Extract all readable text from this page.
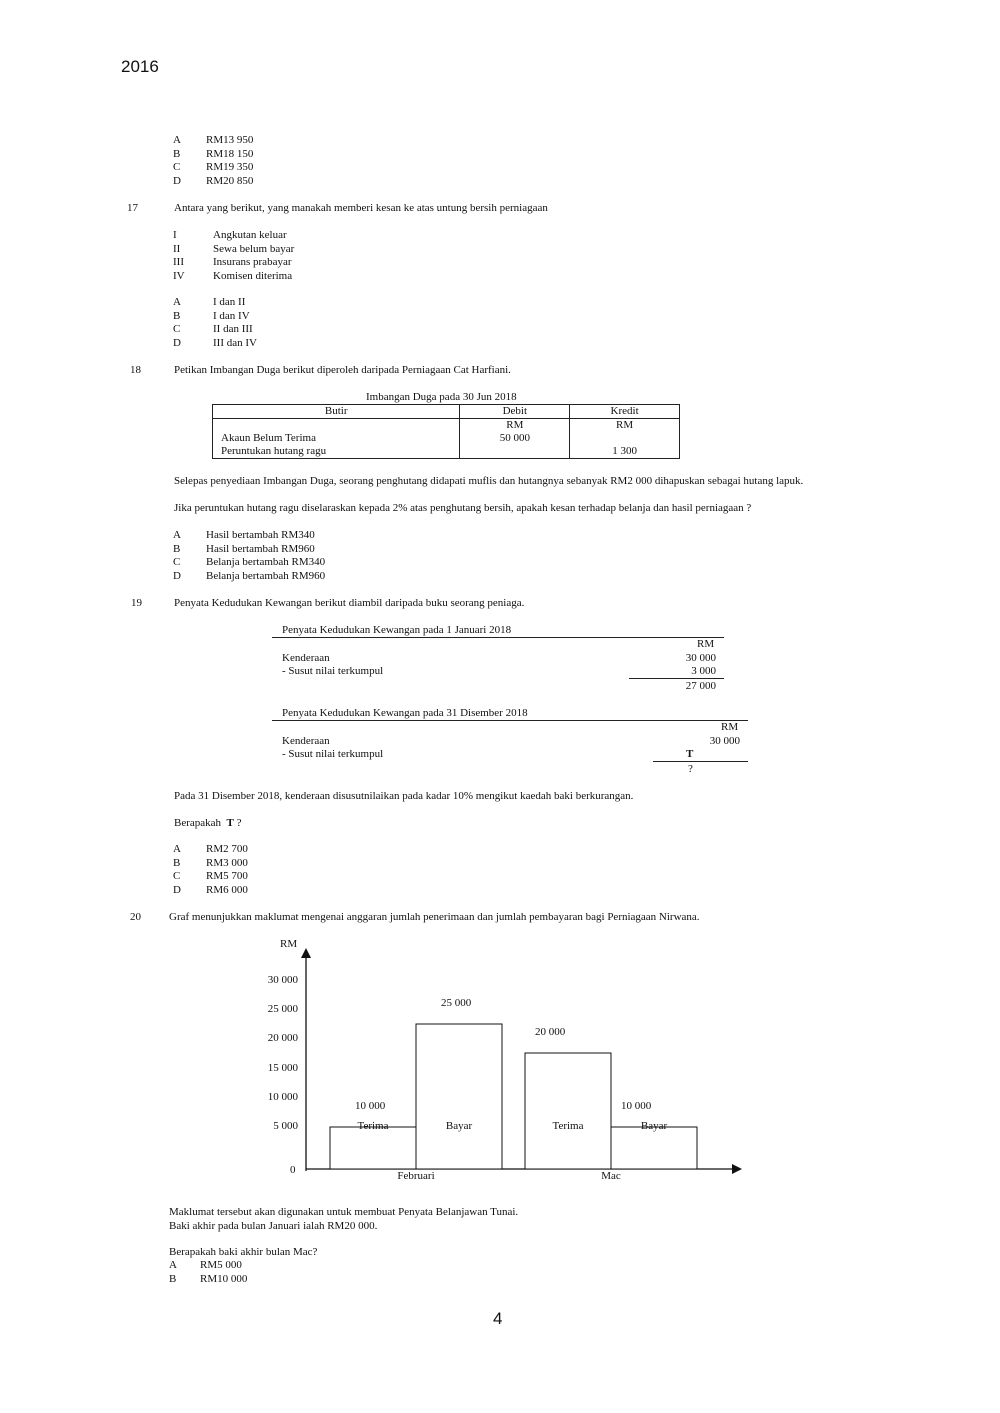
2016
A	RM13 950
B	RM18 150
C	RM19 350
D	RM20 850
17	Antara yang berikut, yang manakah memberi kesan ke atas untung bersih perniagaan
I	Angkutan keluar
II	Sewa belum bayar
III	Insurans prabayar
IV	Komisen diterima
A	I dan II
B	I dan IV
C	II dan III
D	III dan IV
18	Petikan Imbangan Duga berikut diperoleh daripada Perniagaan Cat Harfiani.
Imbangan Duga pada 30 Jun 2018
Butir	Debit	Kredit
	RM	RM
Akaun Belum Terima	50 000	
Peruntukan hutang ragu		1 300
Selepas penyediaan Imbangan Duga, seorang penghutang didapati muflis dan hutangnya sebanyak RM2 000 dihapuskan sebagai hutang lapuk.
Jika peruntukan hutang ragu diselaraskan kepada 2% atas penghutang bersih, apakah kesan terhadap belanja dan hasil perniagaan ?
A	Hasil bertambah RM340
B	Hasil bertambah RM960
C	Belanja bertambah RM340
D	Belanja bertambah RM960
19	Penyata Kedudukan Kewangan berikut diambil daripada buku seorang peniaga.
Penyata Kedudukan Kewangan pada 1 Januari 2018
RM
Kenderaan	30 000
- Susut nilai terkumpul	3 000
27 000
Penyata Kedudukan Kewangan pada 31 Disember 2018
RM
Kenderaan	30 000
- Susut nilai terkumpul	T
?
Pada 31 Disember 2018, kenderaan disusutnilaikan pada kadar 10% mengikut kaedah baki berkurangan.
Berapakah T ?
A	RM2 700
B	RM3 000
C	RM5 700
D	RM6 000
20	Graf menunjukkan maklumat mengenai anggaran jumlah penerimaan dan jumlah pembayaran bagi Perniagaan Nirwana.
RM
0
5 000
10 000
15 000
20 000
25 000
30 000
Terima
10 000
Bayar
25 000
Terima
20 000
Bayar
10 000
Februari	Mac
Maklumat tersebut akan digunakan untuk membuat Penyata Belanjawan Tunai.
Baki akhir pada bulan Januari ialah RM20 000.
Berapakah baki akhir bulan Mac?
A	RM5 000
B	RM10 000
4
